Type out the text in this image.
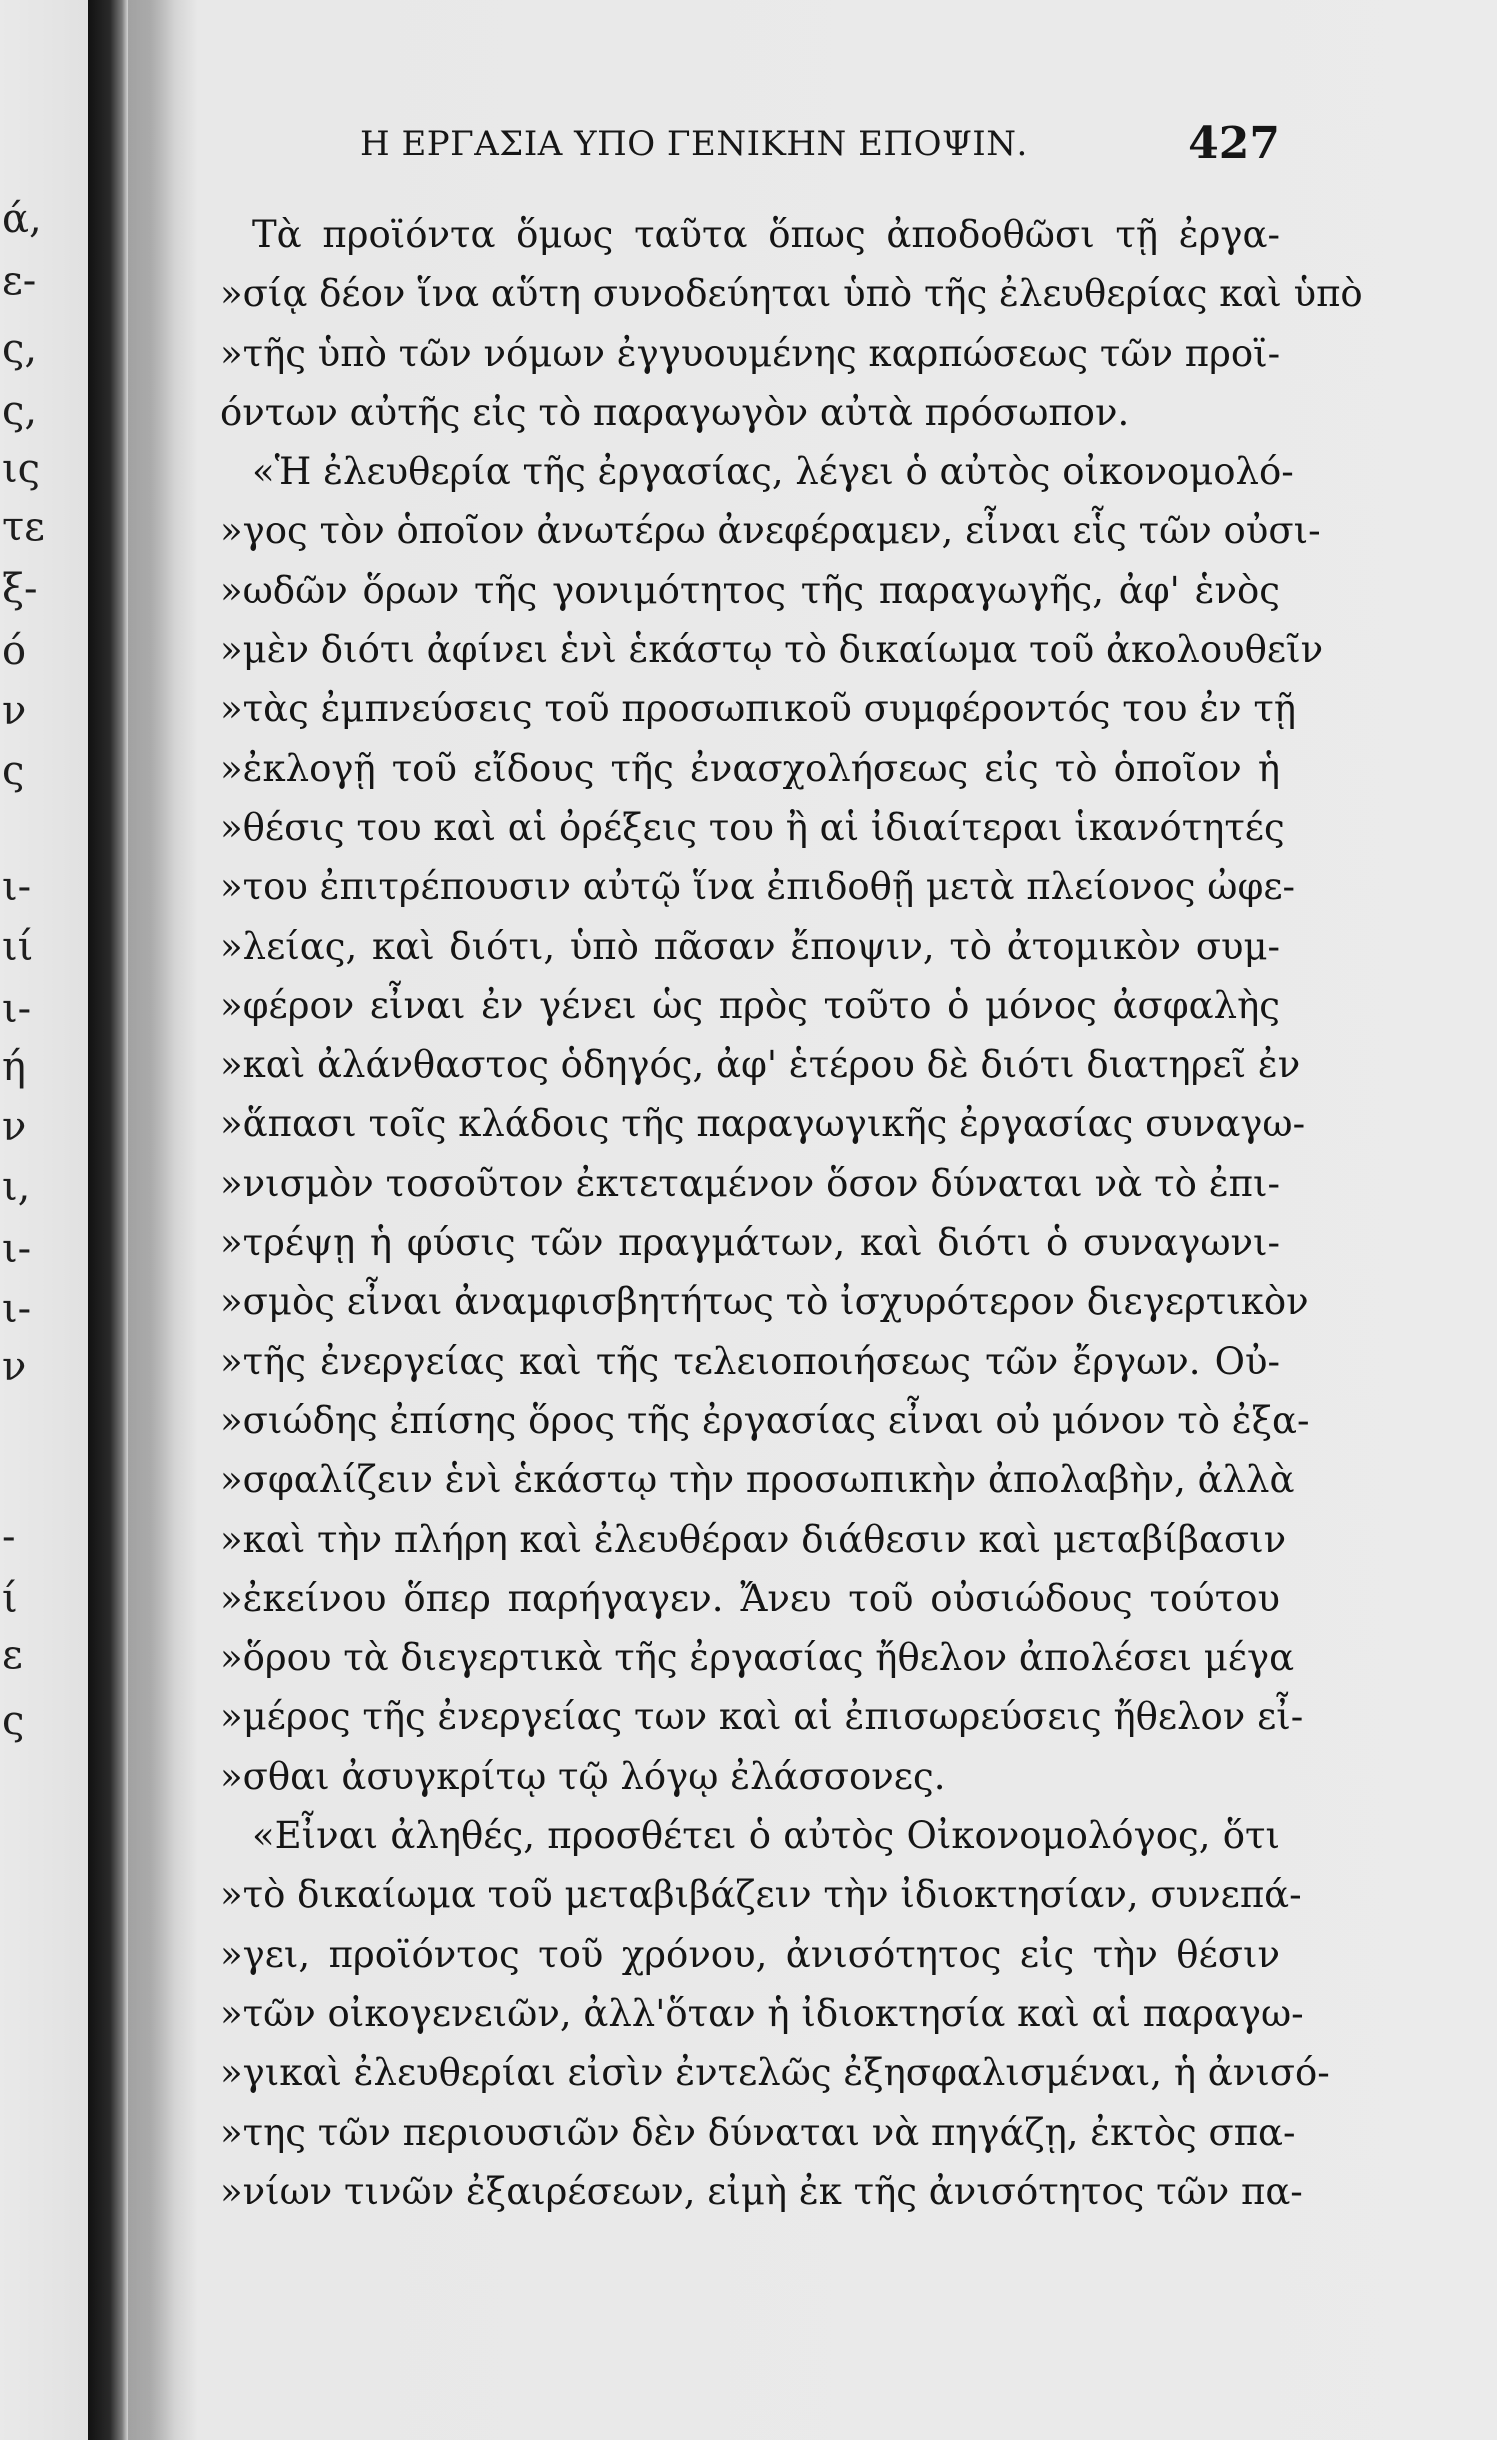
ά,
ε-
ς,
ς,
ις
τε
ξ-
ό
ν
ς
ι-
ιί
ι-
ή
ν
ι,
ι-
ι-
ν
-
ί
ε
ς
Η ΕΡΓΑΣΙΑ ΥΠΟ ΓΕΝΙΚΗΝ ΕΠΟΨΙΝ.	427
Τὰ προϊόντα ὅμως ταῦτα ὅπως ἀποδοθῶσι τῇ ἐργα-
»σίᾳ δέον ἵνα αὕτη συνοδεύηται ὑπὸ τῆς ἐλευθερίας καὶ ὑπὸ
»τῆς ὑπὸ τῶν νόμων ἐγγυουμένης καρπώσεως τῶν προϊ-
όντων αὐτῆς εἰς τὸ παραγωγὸν αὐτὰ πρόσωπον.
«Ἡ ἐλευθερία τῆς ἐργασίας, λέγει ὁ αὐτὸς οἰκονομολό-
»γος τὸν ὁποῖον ἀνωτέρω ἀνεφέραμεν, εἶναι εἷς τῶν οὐσι-
»ωδῶν ὅρων τῆς γονιμότητος τῆς παραγωγῆς, ἀφ' ἑνὸς
»μὲν διότι ἀφίνει ἑνὶ ἑκάστῳ τὸ δικαίωμα τοῦ ἀκολουθεῖν
»τὰς ἐμπνεύσεις τοῦ προσωπικοῦ συμφέροντός του ἐν τῇ
»ἐκλογῇ τοῦ εἴδους τῆς ἐνασχολήσεως εἰς τὸ ὁποῖον ἡ
»θέσις του καὶ αἱ ὀρέξεις του ἢ αἱ ἰδιαίτεραι ἱκανότητές
»του ἐπιτρέπουσιν αὐτῷ ἵνα ἐπιδοθῇ μετὰ πλείονος ὠφε-
»λείας, καὶ διότι, ὑπὸ πᾶσαν ἔποψιν, τὸ ἀτομικὸν συμ-
»φέρον εἶναι ἐν γένει ὡς πρὸς τοῦτο ὁ μόνος ἀσφαλὴς
»καὶ ἀλάνθαστος ὁδηγός, ἀφ' ἑτέρου δὲ διότι διατηρεῖ ἐν
»ἅπασι τοῖς κλάδοις τῆς παραγωγικῆς ἐργασίας συναγω-
»νισμὸν τοσοῦτον ἐκτεταμένον ὅσον δύναται νὰ τὸ ἐπι-
»τρέψῃ ἡ φύσις τῶν πραγμάτων, καὶ διότι ὁ συναγωνι-
»σμὸς εἶναι ἀναμφισβητήτως τὸ ἰσχυρότερον διεγερτικὸν
»τῆς ἐνεργείας καὶ τῆς τελειοποιήσεως τῶν ἔργων. Οὐ-
»σιώδης ἐπίσης ὅρος τῆς ἐργασίας εἶναι οὐ μόνον τὸ ἐξα-
»σφαλίζειν ἑνὶ ἑκάστῳ τὴν προσωπικὴν ἀπολαβὴν, ἀλλὰ
»καὶ τὴν πλήρη καὶ ἐλευθέραν διάθεσιν καὶ μεταβίβασιν
»ἐκείνου ὅπερ παρήγαγεν. Ἄνευ τοῦ οὐσιώδους τούτου
»ὅρου τὰ διεγερτικὰ τῆς ἐργασίας ἤθελον ἀπολέσει μέγα
»μέρος τῆς ἐνεργείας των καὶ αἱ ἐπισωρεύσεις ἤθελον εἶ-
»σθαι ἀσυγκρίτῳ τῷ λόγῳ ἐλάσσονες.
«Εἶναι ἀληθές, προσθέτει ὁ αὐτὸς Οἰκονομολόγος, ὅτι
»τὸ δικαίωμα τοῦ μεταβιβάζειν τὴν ἰδιοκτησίαν, συνεπά-
»γει, προϊόντος τοῦ χρόνου, ἀνισότητος εἰς τὴν θέσιν
»τῶν οἰκογενειῶν, ἀλλ'ὅταν ἡ ἰδιοκτησία καὶ αἱ παραγω-
»γικαὶ ἐλευθερίαι εἰσὶν ἐντελῶς ἐξησφαλισμέναι, ἡ ἀνισό-
»της τῶν περιουσιῶν δὲν δύναται νὰ πηγάζῃ, ἐκτὸς σπα-
»νίων τινῶν ἐξαιρέσεων, εἰμὴ ἐκ τῆς ἀνισότητος τῶν πα-
